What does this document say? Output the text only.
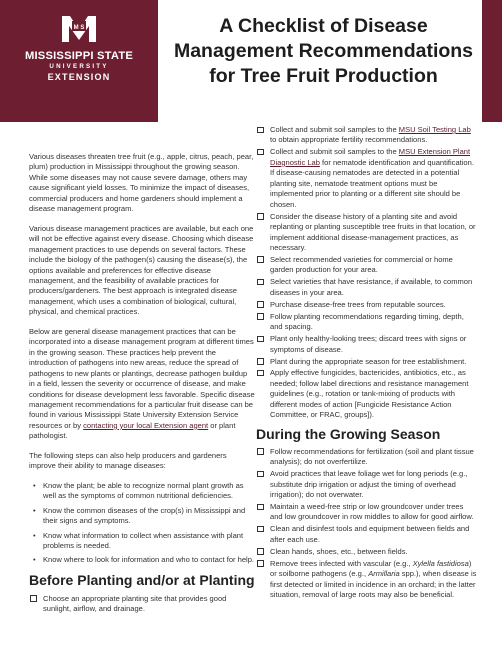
M S
MISSISSIPPI STATE
UNIVERSITY
EXTENSION
A Checklist of Disease
Management Recommendations
for Tree Fruit Production

Various diseases threaten tree fruit (e.g., apple, citrus, peach, pear, plum) production in Mississippi throughout the growing season. While some diseases may not cause severe damage, others may cause significant yield losses. To minimize the impact of diseases, commercial producers and home gardeners should implement a disease management program.

Various disease management practices are available, but each one will not be effective against every disease. Choosing which disease management practices to use depends on several factors. These include the biology of the pathogen(s) causing the disease(s), the options available and preferences for effective disease management, and the feasibility of available practices for producers/gardeners. The best approach is integrated disease management, which uses a combination of biological, cultural, physical, and chemical practices.

Below are general disease management practices that can be incorporated into a disease management program at different times in the growing season. These practices help prevent the introduction of pathogens into new areas, reduce the spread of pathogens to new plants or plantings, decrease pathogen buildup in a field, lessen the severity or occurrence of disease, and make conditions for disease development less favorable. Specific disease management recommendations for a particular fruit disease can be found in various Mississippi State University Extension Service resources or by contacting your local Extension agent or plant pathologist.

The following steps can also help producers and gardeners improve their ability to manage diseases:

• Know the plant; be able to recognize normal plant growth as well as the symptoms of common nutritional deficiencies.
• Know the common diseases of the crop(s) in Mississippi and their signs and symptoms.
• Know what information to collect when assistance with plant problems is needed.
• Know where to look for information and who to contact for help.
Before Planting and/or at Planting
Choose an appropriate planting site that provides good sunlight, airflow, and drainage.
Collect and submit soil samples to the MSU Soil Testing Lab to obtain appropriate fertility recommendations.
Collect and submit soil samples to the MSU Extension Plant Diagnostic Lab for nematode identification and quantification. If disease-causing nematodes are detected in a potential planting site, nematode treatment options must be implemented prior to planting or a different site should be chosen.
Consider the disease history of a planting site and avoid replanting or planting susceptible tree fruits in that location, or implement additional disease-management practices, as necessary.
Select recommended varieties for commercial or home garden production for your area.
Select varieties that have resistance, if available, to common diseases in your area.
Purchase disease-free trees from reputable sources.
Follow planting recommendations regarding timing, depth, and spacing.
Plant only healthy-looking trees; discard trees with signs or symptoms of disease.
Plant during the appropriate season for tree establishment.
Apply effective fungicides, bactericides, antibiotics, etc., as needed; follow label directions and resistance management guidelines (e.g., rotation or tank-mixing of products with different modes of action [Fungicide Resistance Action Committee, or FRAC, groups]).
During the Growing Season
Follow recommendations for fertilization (soil and plant tissue analysis); do not overfertilize.
Avoid practices that leave foliage wet for long periods (e.g., substitute drip irrigation or adjust the timing of overhead irrigation); do not overwater.
Maintain a weed-free strip or low groundcover under trees and low groundcover in row middles to allow for good airflow.
Clean and disinfest tools and equipment between fields and after each use.
Clean hands, shoes, etc., between fields.
Remove trees infected with vascular (e.g., Xylella fastidiosa) or soilborne pathogens (e.g., Armillaria spp.), when disease is first detected or limited in incidence in an orchard; in the latter situation, removal of large roots may also be beneficial.
